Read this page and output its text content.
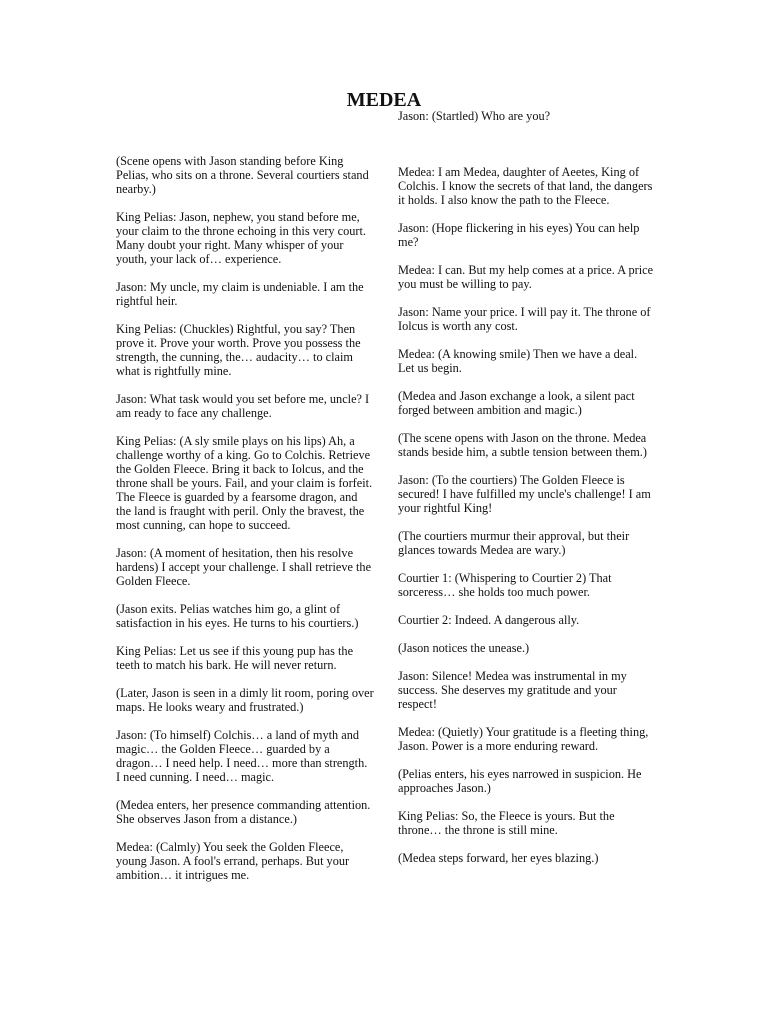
MEDEA

(Scene opens with Jason standing before King Pelias, who sits on a throne. Several courtiers stand nearby.)

King Pelias: Jason, nephew, you stand before me, your claim to the throne echoing in this very court. Many doubt your right. Many whisper of your youth, your lack of… experience.

Jason: My uncle, my claim is undeniable. I am the rightful heir.

King Pelias: (Chuckles) Rightful, you say? Then prove it. Prove your worth. Prove you possess the strength, the cunning, the… audacity… to claim what is rightfully mine.

Jason: What task would you set before me, uncle? I am ready to face any challenge.

King Pelias: (A sly smile plays on his lips) Ah, a challenge worthy of a king. Go to Colchis. Retrieve the Golden Fleece. Bring it back to Iolcus, and the throne shall be yours. Fail, and your claim is forfeit. The Fleece is guarded by a fearsome dragon, and the land is fraught with peril. Only the bravest, the most cunning, can hope to succeed.

Jason: (A moment of hesitation, then his resolve hardens) I accept your challenge. I shall retrieve the Golden Fleece.

(Jason exits. Pelias watches him go, a glint of satisfaction in his eyes. He turns to his courtiers.)

King Pelias: Let us see if this young pup has the teeth to match his bark. He will never return.

(Later, Jason is seen in a dimly lit room, poring over maps. He looks weary and frustrated.)

Jason: (To himself) Colchis… a land of myth and magic… the Golden Fleece… guarded by a dragon… I need help. I need… more than strength. I need cunning. I need… magic.

(Medea enters, her presence commanding attention. She observes Jason from a distance.)

Medea: (Calmly) You seek the Golden Fleece, young Jason. A fool's errand, perhaps. But your ambition… it intrigues me.

Jason: (Startled) Who are you?

Medea: I am Medea, daughter of Aeetes, King of Colchis. I know the secrets of that land, the dangers it holds. I also know the path to the Fleece.

Jason: (Hope flickering in his eyes) You can help me?

Medea: I can. But my help comes at a price. A price you must be willing to pay.

Jason: Name your price. I will pay it. The throne of Iolcus is worth any cost.

Medea: (A knowing smile) Then we have a deal. Let us begin.

(Medea and Jason exchange a look, a silent pact forged between ambition and magic.)

(The scene opens with Jason on the throne. Medea stands beside him, a subtle tension between them.)

Jason: (To the courtiers) The Golden Fleece is secured! I have fulfilled my uncle's challenge! I am your rightful King!

(The courtiers murmur their approval, but their glances towards Medea are wary.)

Courtier 1: (Whispering to Courtier 2) That sorceress… she holds too much power.

Courtier 2: Indeed. A dangerous ally.

(Jason notices the unease.)

Jason: Silence! Medea was instrumental in my success. She deserves my gratitude and your respect!

Medea: (Quietly) Your gratitude is a fleeting thing, Jason. Power is a more enduring reward.

(Pelias enters, his eyes narrowed in suspicion. He approaches Jason.)

King Pelias: So, the Fleece is yours. But the throne… the throne is still mine.

(Medea steps forward, her eyes blazing.)
